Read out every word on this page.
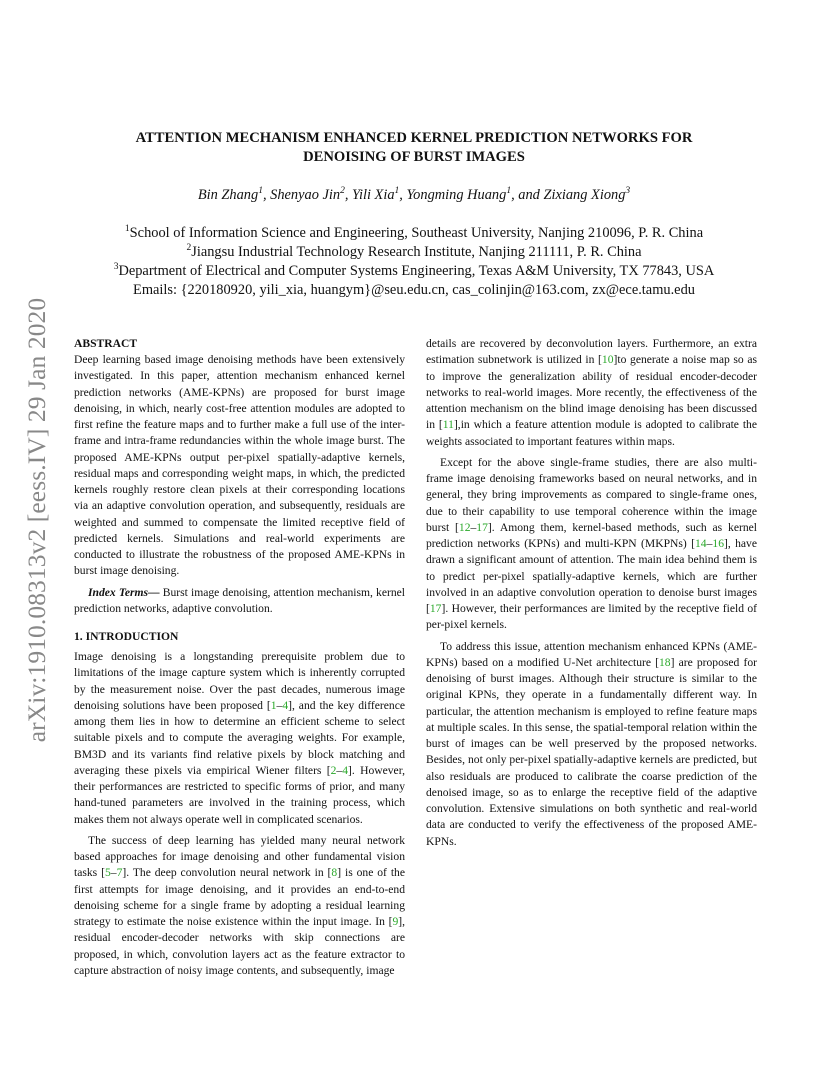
arXiv:1910.08313v2 [eess.IV] 29 Jan 2020
ATTENTION MECHANISM ENHANCED KERNEL PREDICTION NETWORKS FOR
DENOISING OF BURST IMAGES
Bin Zhang$^1$, Shenyao Jin$^2$, Yili Xia$^1$, Yongming Huang$^1$, and Zixiang Xiong$^3$
$^1$School of Information Science and Engineering, Southeast University, Nanjing 210096, P. R. China
$^2$Jiangsu Industrial Technology Research Institute, Nanjing 211111, P. R. China
$^3$Department of Electrical and Computer Systems Engineering, Texas A&M University, TX 77843, USA
Emails: {220180920, yili_xia, huangym}@seu.edu.cn, cas_colinjin@163.com, zx@ece.tamu.edu

ABSTRACT

Deep learning based image denoising methods have been extensively investigated. In this paper, attention mechanism enhanced kernel prediction networks (AME-KPNs) are proposed for burst image denoising, in which, nearly cost-free attention modules are adopted to first refine the feature maps and to further make a full use of the inter-frame and intra-frame redundancies within the whole image burst. The proposed AME-KPNs output per-pixel spatially-adaptive kernels, residual maps and corresponding weight maps, in which, the predicted kernels roughly restore clean pixels at their corresponding locations via an adaptive convolution operation, and subsequently, residuals are weighted and summed to compensate the limited receptive field of predicted kernels. Simulations and real-world experiments are conducted to illustrate the robustness of the proposed AME-KPNs in burst image denoising.

Index Terms— Burst image denoising, attention mechanism, kernel prediction networks, adaptive convolution.

1. INTRODUCTION

Image denoising is a longstanding prerequisite problem due to limitations of the image capture system which is inherently corrupted by the measurement noise. Over the past decades, numerous image denoising solutions have been proposed [1–4], and the key difference among them lies in how to determine an efficient scheme to select suitable pixels and to compute the averaging weights. For example, BM3D and its variants find relative pixels by block matching and averaging these pixels via empirical Wiener filters [2–4]. However, their performances are restricted to specific forms of prior, and many hand-tuned parameters are involved in the training process, which makes them not always operate well in complicated scenarios.

The success of deep learning has yielded many neural network based approaches for image denoising and other fundamental vision tasks [5–7]. The deep convolution neural network in [8] is one of the first attempts for image denoising, and it provides an end-to-end denoising scheme for a single frame by adopting a residual learning strategy to estimate the noise existence within the input image. In [9], residual encoder-decoder networks with skip connections are proposed, in which, convolution layers act as the feature extractor to capture abstraction of noisy image contents, and subsequently, image

details are recovered by deconvolution layers. Furthermore, an extra estimation subnetwork is utilized in [10]to generate a noise map so as to improve the generalization ability of residual encoder-decoder networks to real-world images. More recently, the effectiveness of the attention mechanism on the blind image denoising has been discussed in [11],in which a feature attention module is adopted to calibrate the weights associated to important features within maps.

Except for the above single-frame studies, there are also multi-frame image denoising frameworks based on neural networks, and in general, they bring improvements as compared to single-frame ones, due to their capability to use temporal coherence within the image burst [12–17]. Among them, kernel-based methods, such as kernel prediction networks (KPNs) and multi-KPN (MKPNs) [14–16], have drawn a significant amount of attention. The main idea behind them is to predict per-pixel spatially-adaptive kernels, which are further involved in an adaptive convolution operation to denoise burst images [17]. However, their performances are limited by the receptive field of per-pixel kernels.

To address this issue, attention mechanism enhanced KPNs (AME-KPNs) based on a modified U-Net architecture [18] are proposed for denoising of burst images. Although their structure is similar to the original KPNs, they operate in a fundamentally different way. In particular, the attention mechanism is employed to refine feature maps at multiple scales. In this sense, the spatial-temporal relation within the burst of images can be well preserved by the proposed networks. Besides, not only per-pixel spatially-adaptive kernels are predicted, but also residuals are produced to calibrate the coarse prediction of the denoised image, so as to enlarge the receptive field of the adaptive convolution. Extensive simulations on both synthetic and real-world data are conducted to verify the effectiveness of the proposed AME-KPNs.
